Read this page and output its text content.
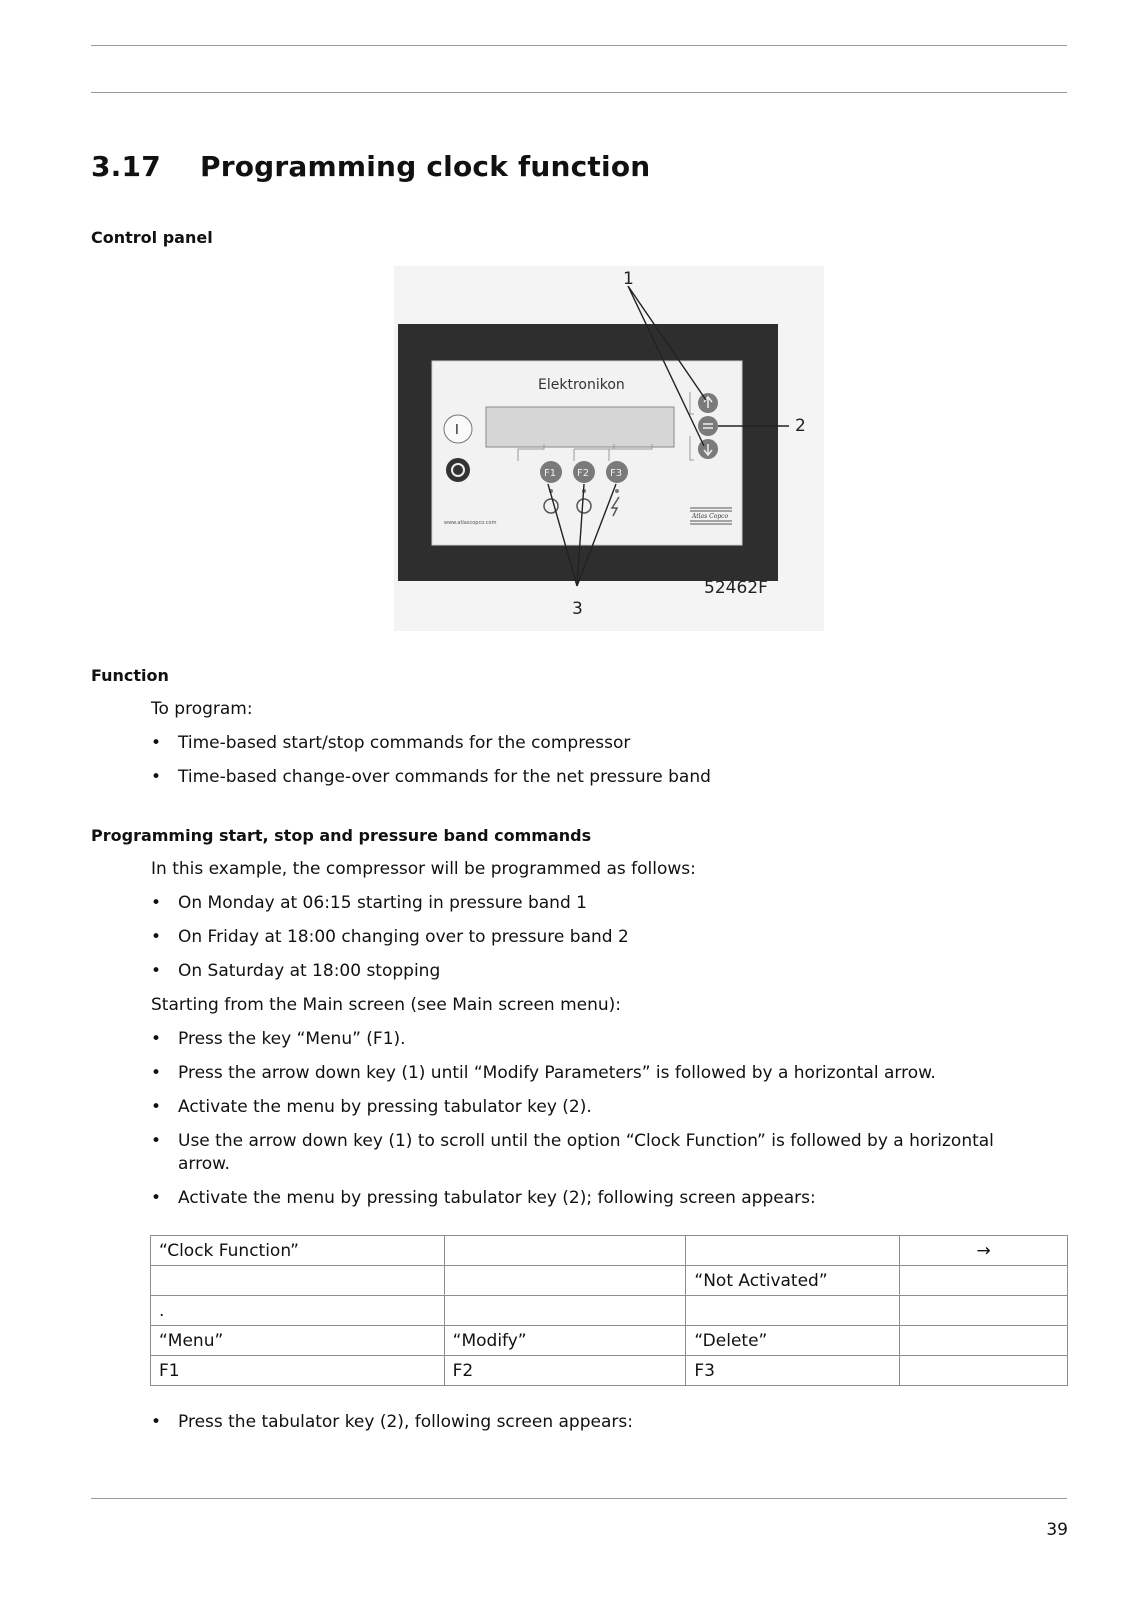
3.17 Programming clock function
Control panel
Elektronikon
I
F1 F2 F3
www.atlascopco.com
Atlas Copco
1
2
3
52462F
Function

To program:

• Time-based start/stop commands for the compressor
• Time-based change-over commands for the net pressure band
Programming start, stop and pressure band commands

In this example, the compressor will be programmed as follows:

• On Monday at 06:15 starting in pressure band 1
• On Friday at 18:00 changing over to pressure band 2
• On Saturday at 18:00 stopping

Starting from the Main screen (see Main screen menu):

• Press the key “Menu” (F1).
• Press the arrow down key (1) until “Modify Parameters” is followed by a horizontal arrow.
• Activate the menu by pressing tabulator key (2).
• Use the arrow down key (1) to scroll until the option “Clock Function” is followed by a horizontal arrow.
• Activate the menu by pressing tabulator key (2); following screen appears:
“Clock Function”			→
		“Not Activated”	
.			
“Menu”	“Modify”	“Delete”	
F1	F2	F3	
• Press the tabulator key (2), following screen appears:
39
